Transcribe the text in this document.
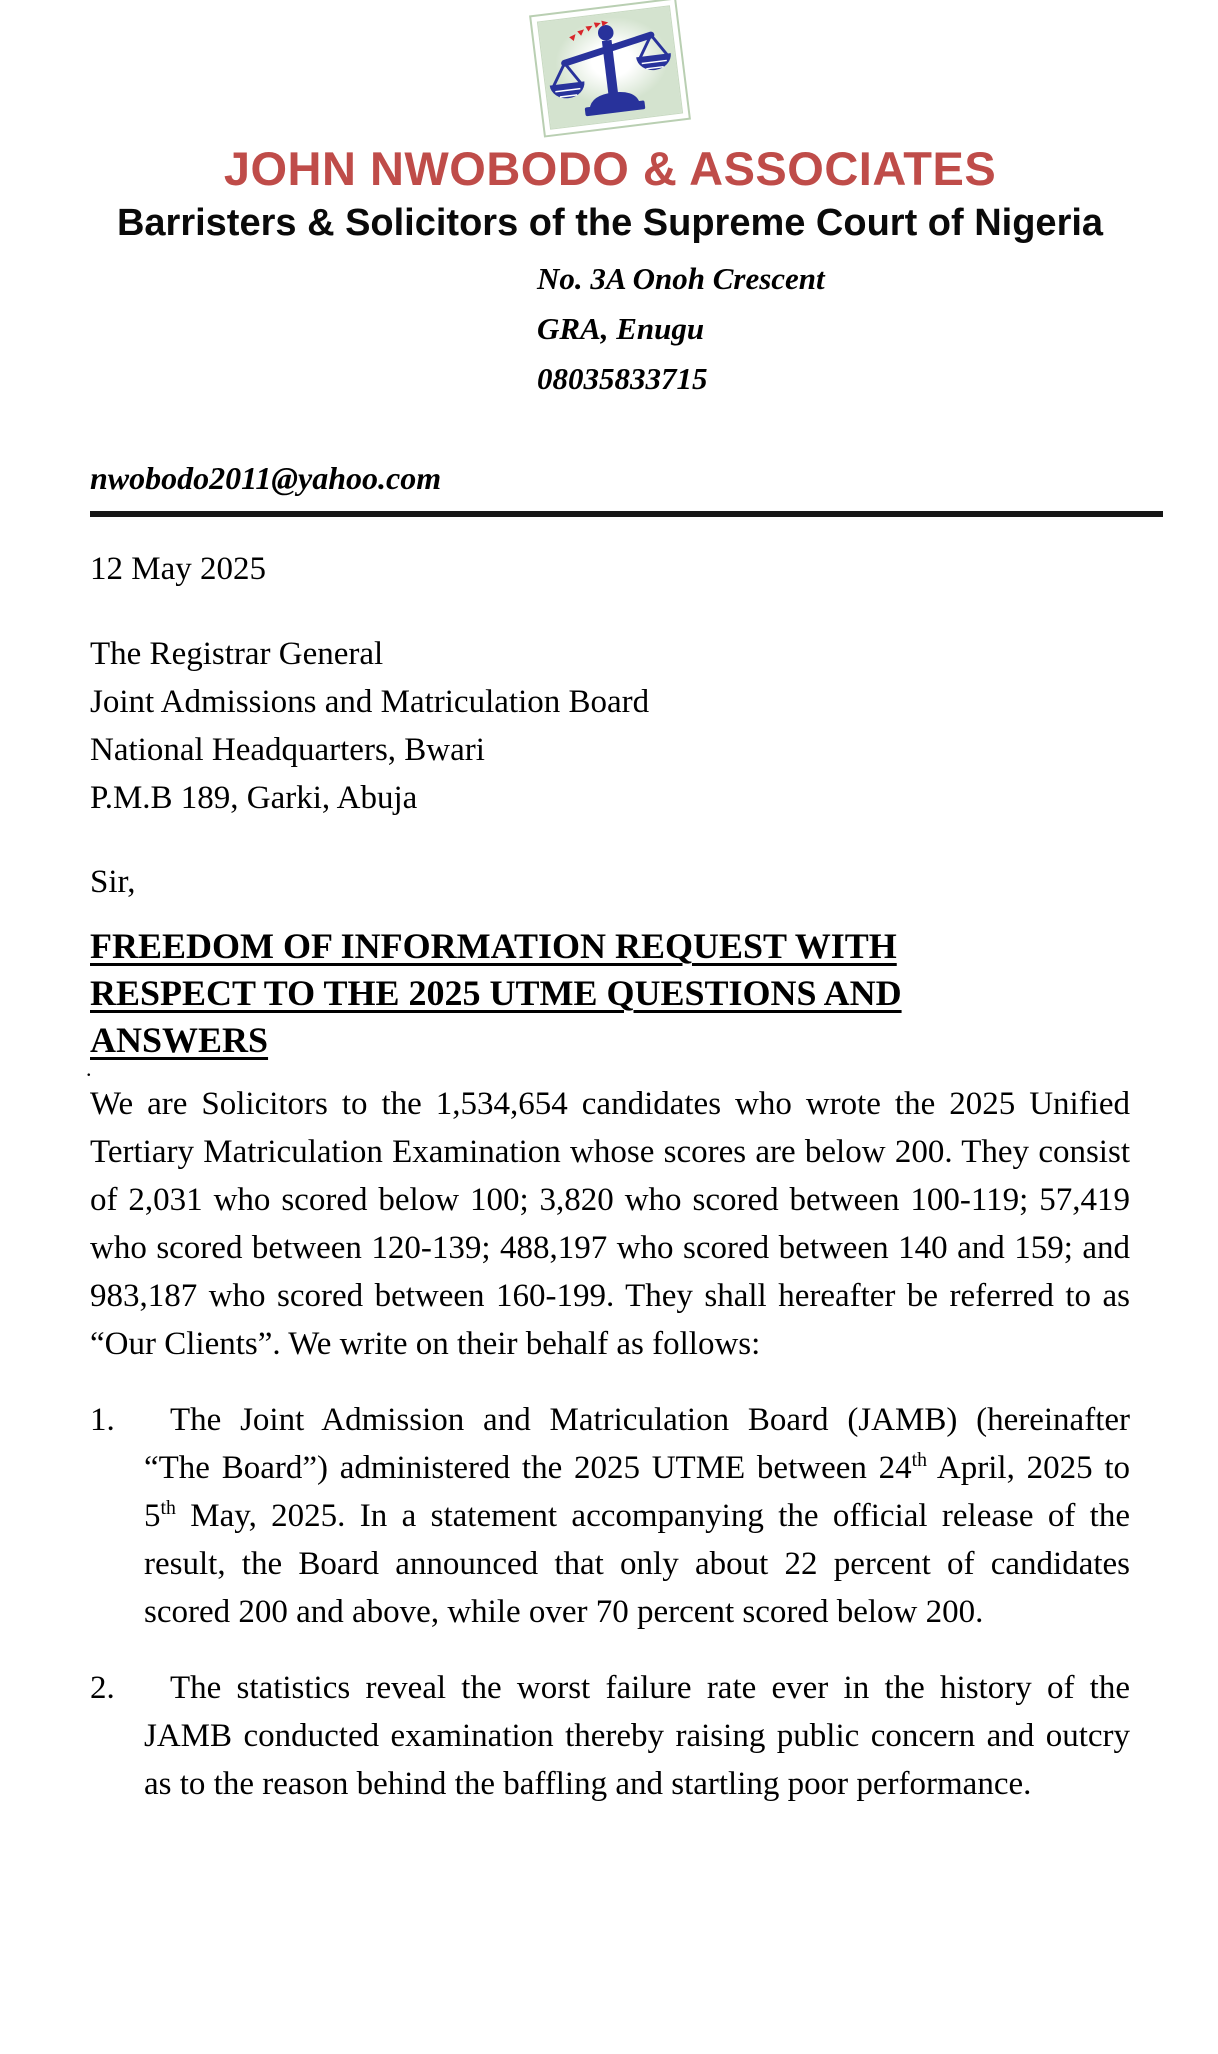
JOHN NWOBODO & ASSOCIATES
Barristers & Solicitors of the Supreme Court of Nigeria
No. 3A Onoh Crescent
GRA, Enugu
08035833715
nwobodo2011@yahoo.com
12 May 2025
The Registrar General
Joint Admissions and Matriculation Board
National Headquarters, Bwari
P.M.B 189, Garki, Abuja
Sir,
FREEDOM OF INFORMATION REQUEST WITH
RESPECT TO THE 2025 UTME QUESTIONS AND
ANSWERS
.

We are Solicitors to the 1,534,654 candidates who wrote the 2025 Unified Tertiary Matriculation Examination whose scores are below 200. They consist of 2,031 who scored below 100; 3,820 who scored between 100-119; 57,419 who scored between 120-139; 488,197 who scored between 140 and 159; and 983,187 who scored between 160-199. They shall hereafter be referred to as “Our Clients”. We write on their behalf as follows:

1.	The Joint Admission and Matriculation Board (JAMB) (hereinafter “The Board”) administered the 2025 UTME between 24th April, 2025 to 5th May, 2025. In a statement accompanying the official release of the result, the Board announced that only about 22 percent of candidates scored 200 and above, while over 70 percent scored below 200.

2.	The statistics reveal the worst failure rate ever in the history of the JAMB conducted examination thereby raising public concern and outcry as to the reason behind the baffling and startling poor performance.
